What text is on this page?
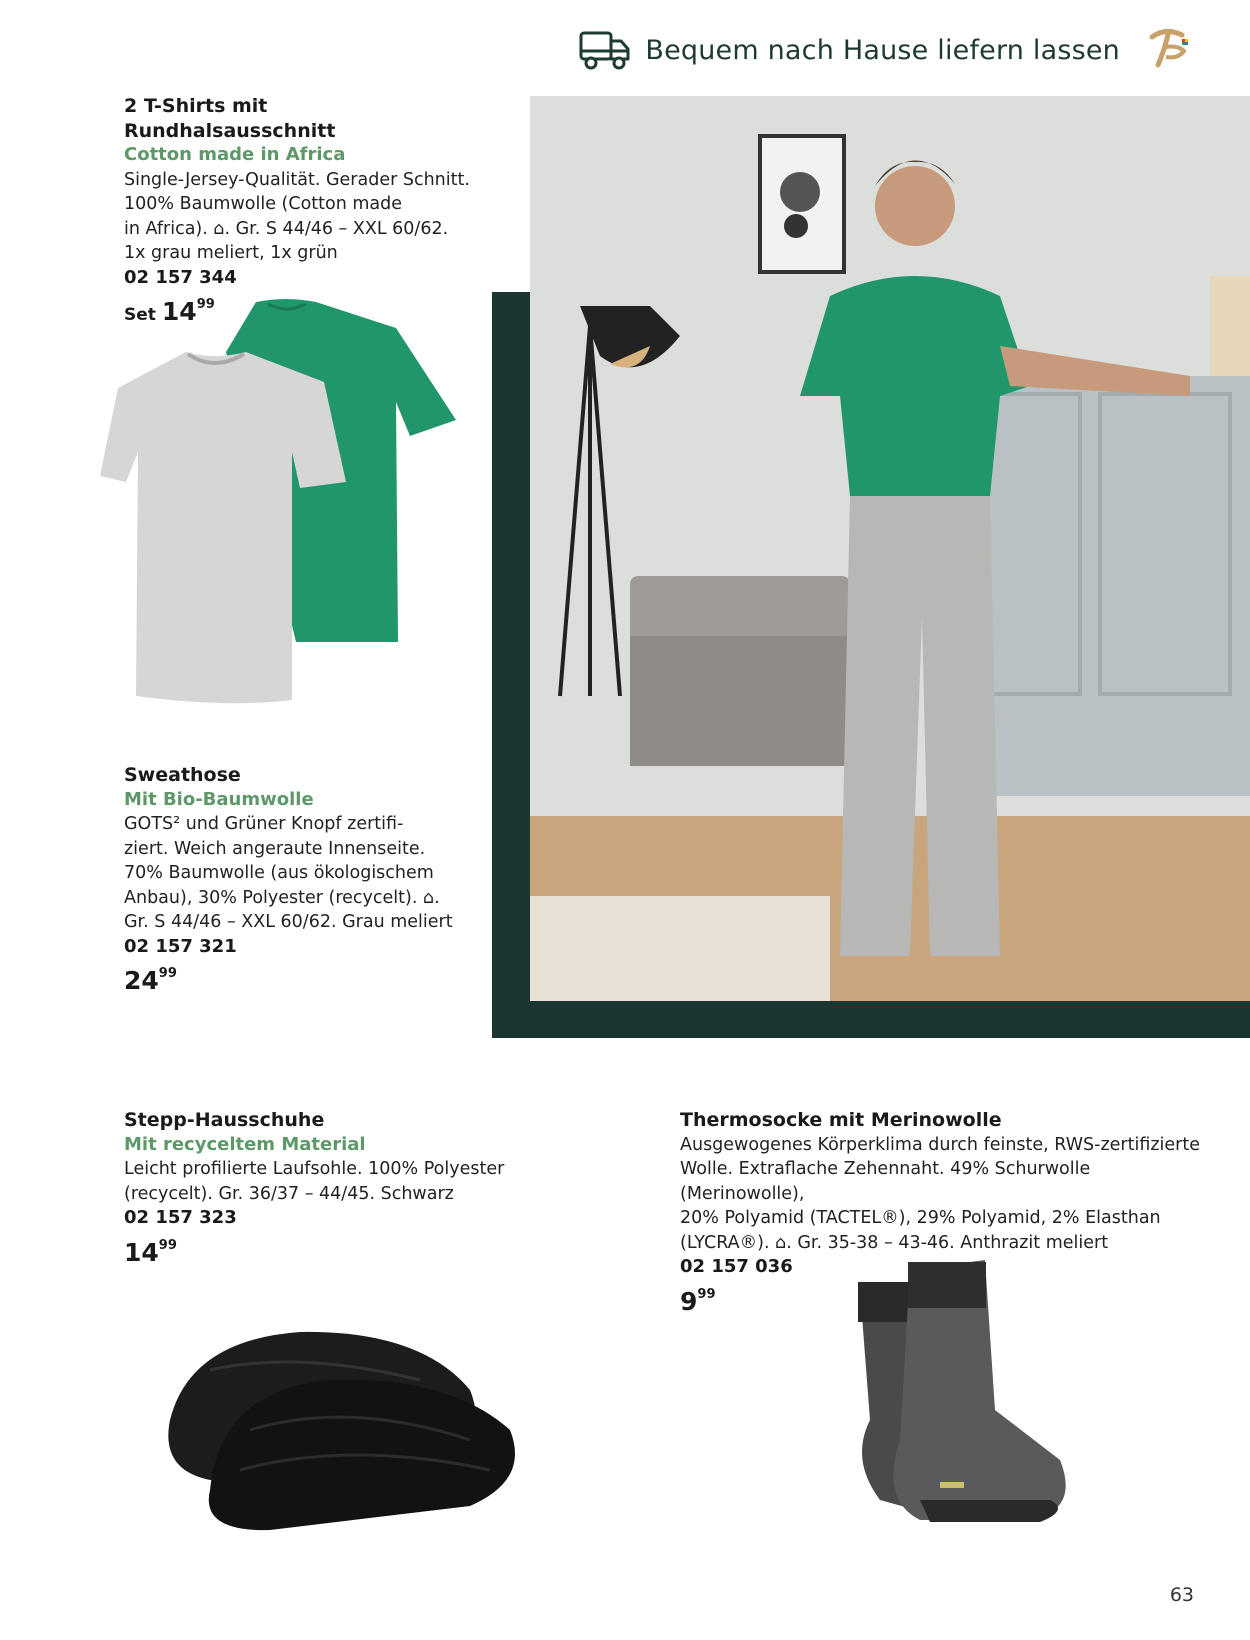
Bequem nach Hause liefern lassen
2 T-Shirts mit Rundhalsausschnitt
Cotton made in Africa
Single-Jersey-Qualität. Gerader Schnitt.
100% Baumwolle (Cotton made
in Africa). ⌂. Gr. S 44/46 – XXL 60/62.
1x grau meliert, 1x grün
02 157 344
Set $14^{99}$
Sweathose
Mit Bio-Baumwolle
GOTS² und Grüner Knopf zertifi-
ziert. Weich angeraute Innenseite.
70% Baumwolle (aus ökologischem
Anbau), 30% Polyester (recycelt). ⌂.
Gr. S 44/46 – XXL 60/62. Grau meliert
02 157 321
$24^{99}$
Stepp-Hausschuhe
Mit recyceltem Material
Leicht profilierte Laufsohle. 100% Polyester
(recycelt). Gr. 36/37 – 44/45. Schwarz
02 157 323
$14^{99}$
Thermosocke mit Merinowolle
Ausgewogenes Körperklima durch feinste, RWS-zertifizierte
Wolle. Extraflache Zehennaht. 49% Schurwolle (Merinowolle),
20% Polyamid (TACTEL®), 29% Polyamid, 2% Elasthan
(LYCRA®). ⌂. Gr. 35-38 – 43-46. Anthrazit meliert
02 157 036
$9^{99}$
63
